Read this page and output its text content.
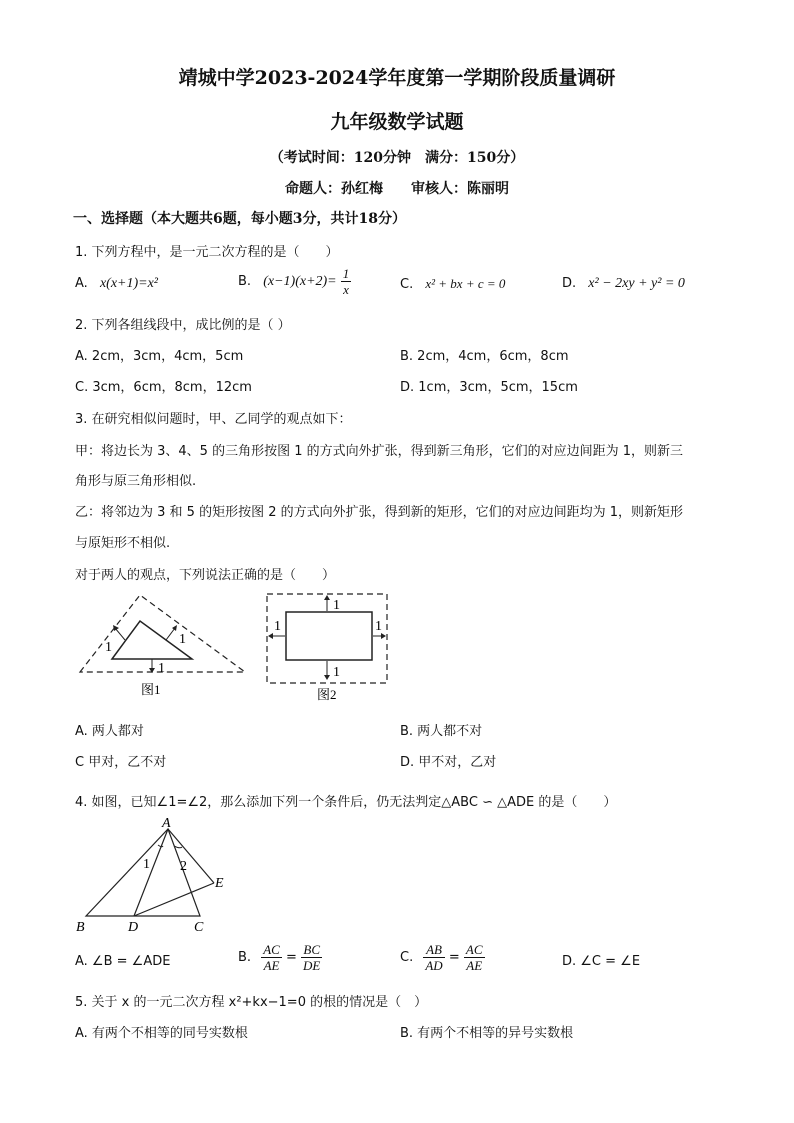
靖城中学2023-2024学年度第一学期阶段质量调研
九年级数学试题
（考试时间：120分钟　满分：150分）
命题人：孙红梅　　审核人：陈丽明
一、选择题（本大题共6题，每小题3分，共计18分）
1. 下列方程中，是一元二次方程的是（　　）
A. x(x+1)=x²	B. $(x-1)(x+2)= \frac{1}{x}$	C. x² + bx + c = 0	D. x² − 2xy + y² = 0
2. 下列各组线段中，成比例的是（ ）
A. 2cm，3cm，4cm，5cm	B. 2cm，4cm，6cm，8cm
C. 3cm，6cm，8cm，12cm	D. 1cm，3cm，5cm，15cm
3. 在研究相似问题时，甲、乙同学的观点如下：
甲：将边长为 3、4、5 的三角形按图 1 的方式向外扩张，得到新三角形，它们的对应边间距为 1，则新三
角形与原三角形相似.
乙：将邻边为 3 和 5 的矩形按图 2 的方式向外扩张，得到新的矩形，它们的对应边间距均为 1，则新矩形
与原矩形不相似.
对于两人的观点，下列说法正确的是（　　）
1
1
1
图1
1
1	1
1
图2
A. 两人都对	B. 两人都不对
C 甲对，乙不对	D. 甲不对，乙对
4. 如图，已知∠1=∠2，那么添加下列一个条件后，仍无法判定△ABC ∽ △ADE 的是（　　）
A
B	C
D
E
1 2
A. ∠B = ∠ADE	B. $\frac{AC}{AE} = \frac{BC}{DE}$	C. $\frac{AB}{AD} = \frac{AC}{AE}$	D. ∠C = ∠E
5. 关于 x 的一元二次方程 x²+kx−1=0 的根的情况是（　）
A. 有两个不相等的同号实数根	B. 有两个不相等的异号实数根
